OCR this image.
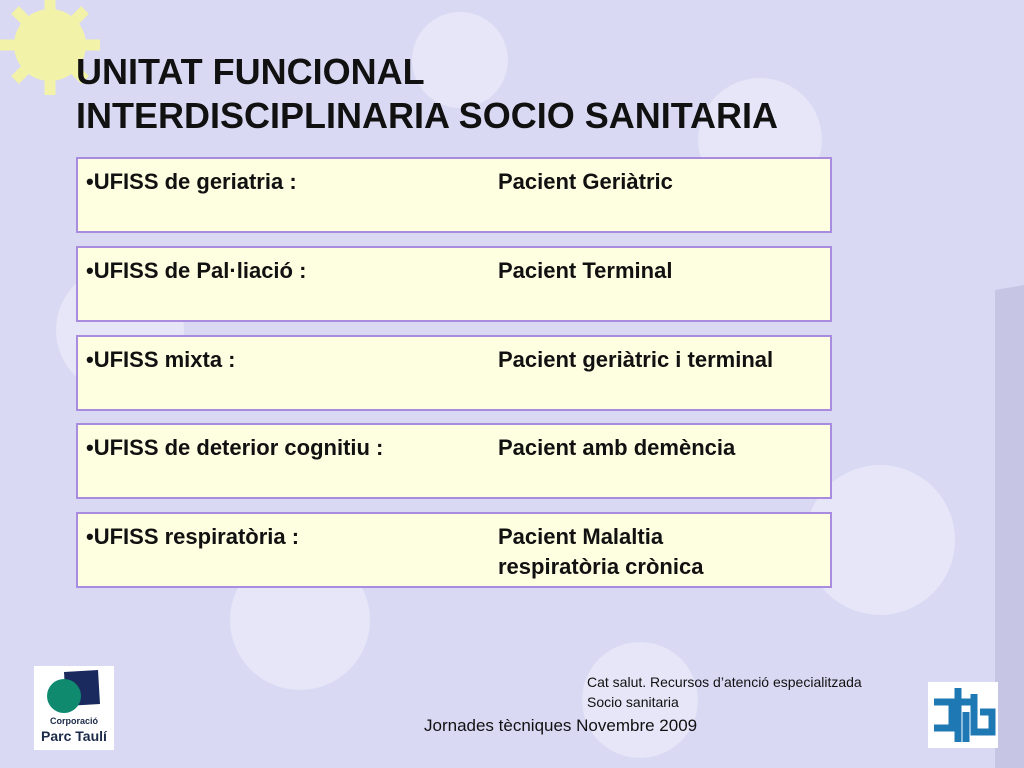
UNITAT FUNCIONAL
INTERDISCIPLINARIA SOCIO SANITARIA
•UFISS de geriatria :	Pacient Geriàtric
•UFISS de Pal·liació :	Pacient Terminal
•UFISS mixta :	Pacient geriàtric i terminal
•UFISS de deterior cognitiu :	Pacient amb demència
•UFISS respiratòria :	Pacient Malaltia
respiratòria crònica
Cat salut. Recursos d’atenció especialitzada
Socio sanitaria
Jornades tècniques Novembre 2009
Corporació
Parc Taulí
